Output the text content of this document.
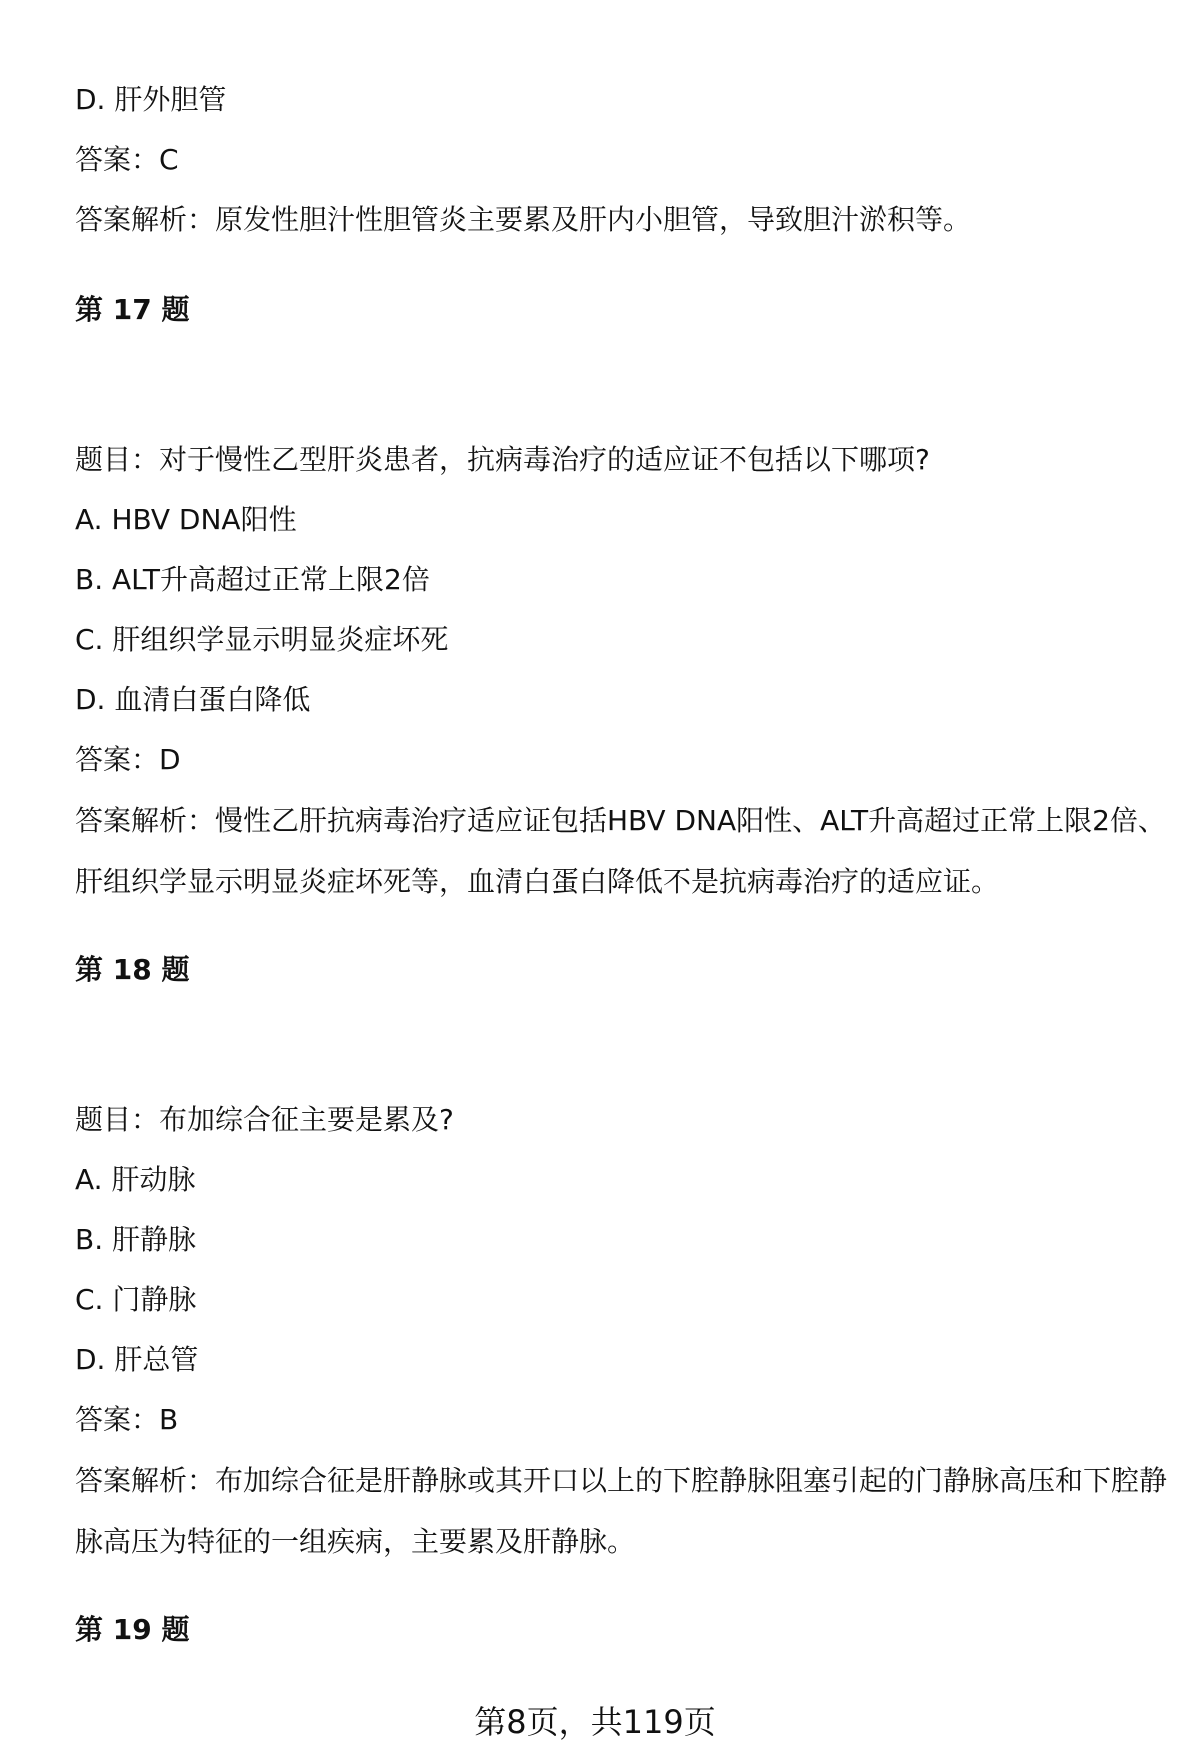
D. 肝外胆管
答案：C
答案解析：原发性胆汁性胆管炎主要累及肝内小胆管，导致胆汁淤积等。
第 17 题
题目：对于慢性乙型肝炎患者，抗病毒治疗的适应证不包括以下哪项?
A. HBV DNA阳性
B. ALT升高超过正常上限2倍
C. 肝组织学显示明显炎症坏死
D. 血清白蛋白降低
答案：D
答案解析：慢性乙肝抗病毒治疗适应证包括HBV DNA阳性、ALT升高超过正常上限2倍、肝组织学显示明显炎症坏死等，血清白蛋白降低不是抗病毒治疗的适应证。
第 18 题
题目：布加综合征主要是累及?
A. 肝动脉
B. 肝静脉
C. 门静脉
D. 肝总管
答案：B
答案解析：布加综合征是肝静脉或其开口以上的下腔静脉阻塞引起的门静脉高压和下腔静脉高压为特征的一组疾病，主要累及肝静脉。
第 19 题
第8页，共119页
